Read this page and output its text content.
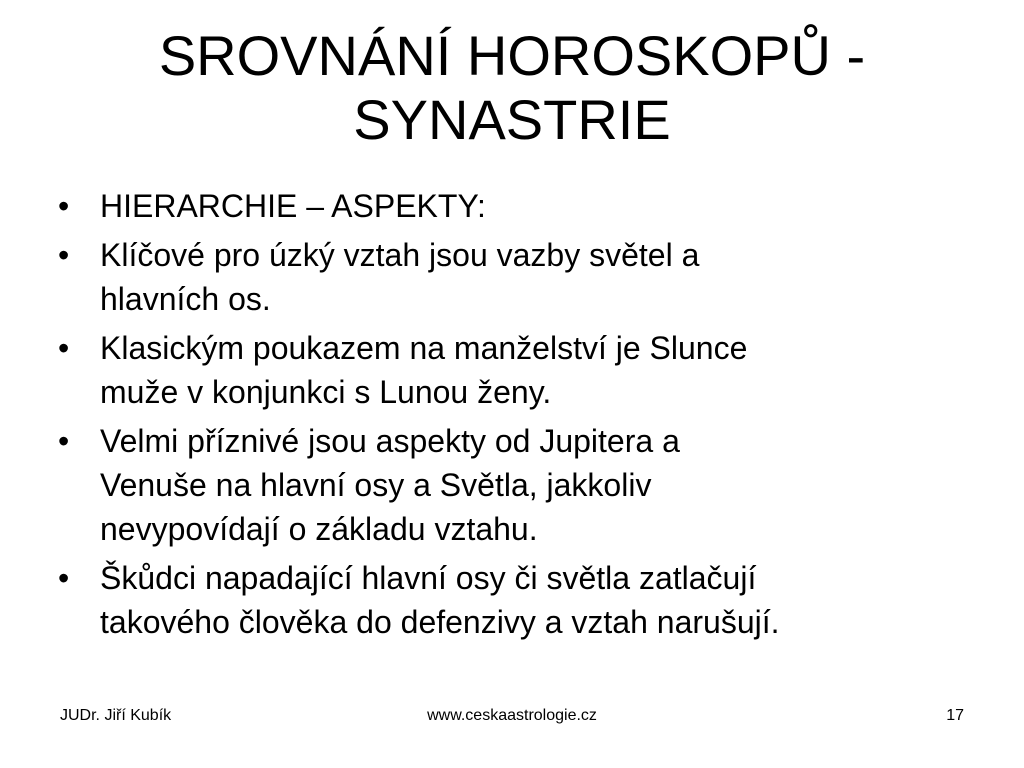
SROVNÁNÍ HOROSKOPŮ -
SYNASTRIE
• HIERARCHIE – ASPEKTY:
• Klíčové pro úzký vztah jsou vazby světel a
hlavních os.
• Klasickým poukazem na manželství je Slunce
muže v konjunkci s Lunou ženy.
• Velmi příznivé jsou aspekty od Jupitera a
Venuše na hlavní osy a Světla, jakkoliv
nevypovídají o základu vztahu.
• Škůdci napadající hlavní osy či světla zatlačují
takového člověka do defenzivy a vztah narušují.
www.ceskaastrologie.cz
JUDr. Jiří Kubík	17
